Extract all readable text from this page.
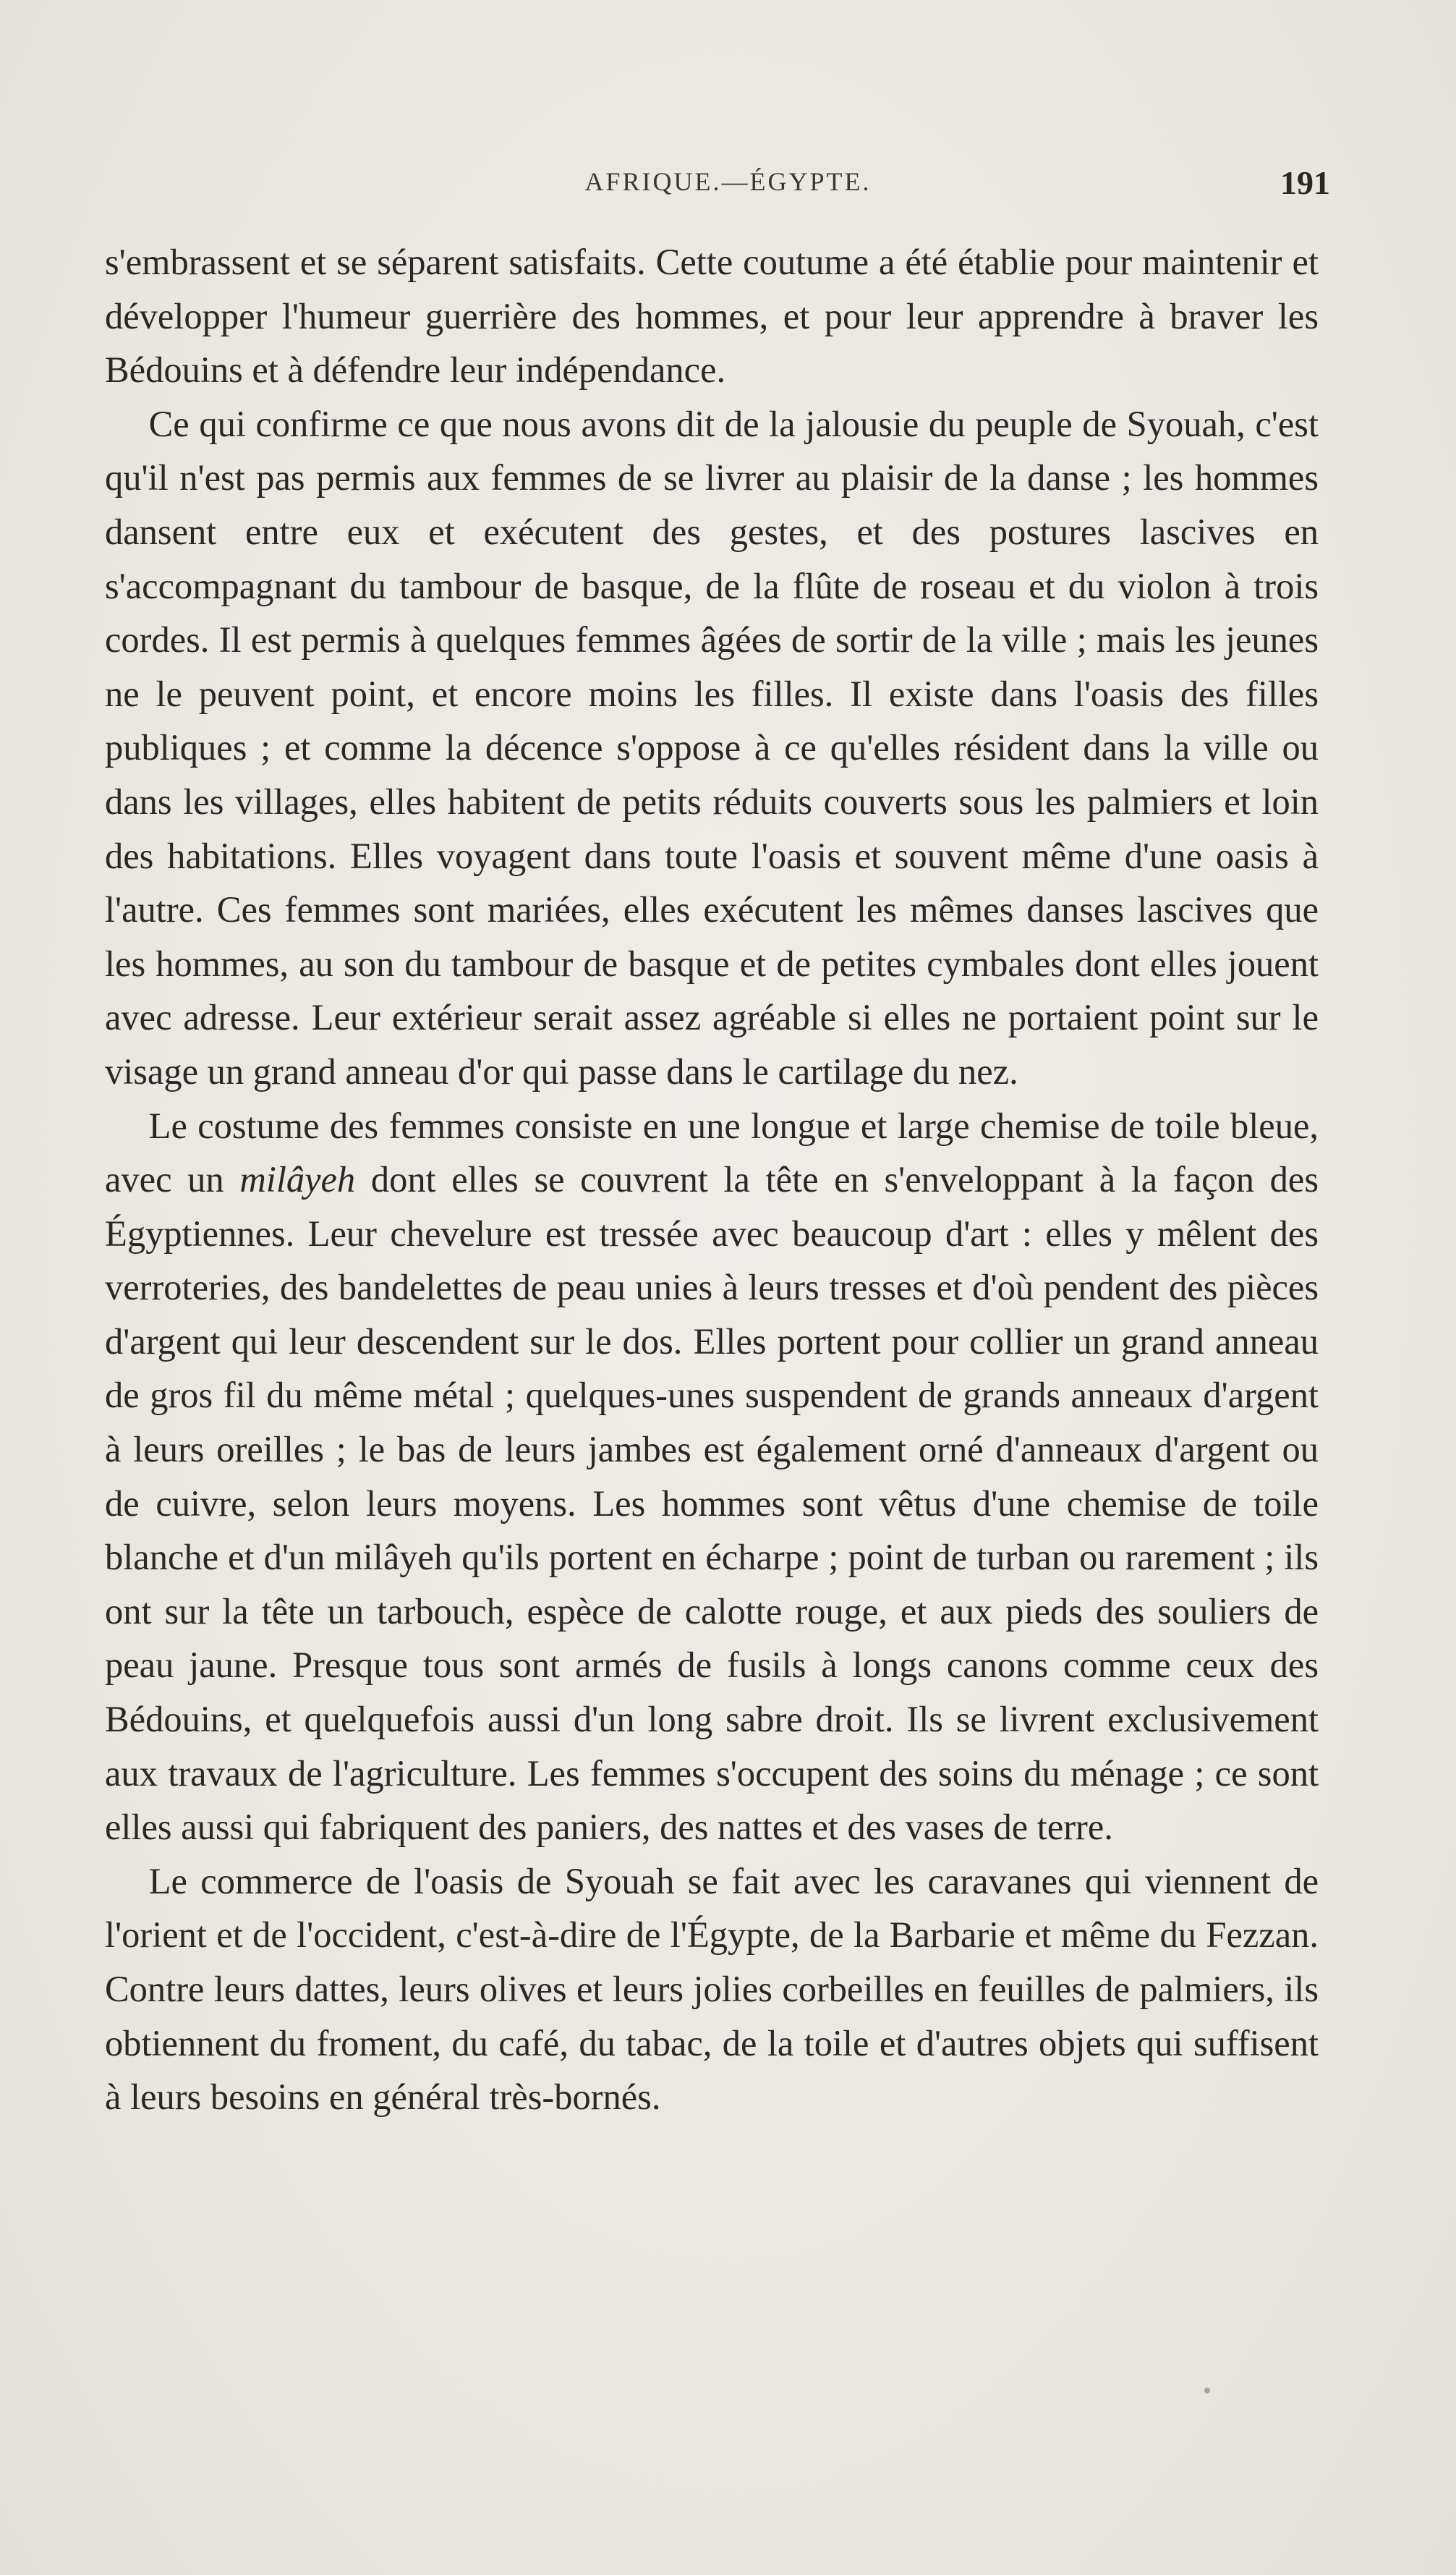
AFRIQUE.—ÉGYPTE.	191

s'embrassent et se séparent satisfaits. Cette coutume a été établie pour maintenir et développer l'humeur guerrière des hommes, et pour leur apprendre à braver les Bédouins et à défendre leur indépendance.

Ce qui confirme ce que nous avons dit de la jalousie du peuple de Syouah, c'est qu'il n'est pas permis aux femmes de se livrer au plaisir de la danse ; les hommes dansent entre eux et exécutent des gestes, et des postures lascives en s'accompagnant du tambour de basque, de la flûte de roseau et du violon à trois cordes. Il est permis à quelques femmes âgées de sortir de la ville ; mais les jeunes ne le peuvent point, et encore moins les filles. Il existe dans l'oasis des filles publiques ; et comme la décence s'oppose à ce qu'elles résident dans la ville ou dans les villages, elles habitent de petits réduits couverts sous les palmiers et loin des habitations. Elles voyagent dans toute l'oasis et souvent même d'une oasis à l'autre. Ces femmes sont mariées, elles exécutent les mêmes danses lascives que les hommes, au son du tambour de basque et de petites cymbales dont elles jouent avec adresse. Leur extérieur serait assez agréable si elles ne portaient point sur le visage un grand anneau d'or qui passe dans le cartilage du nez.

Le costume des femmes consiste en une longue et large chemise de toile bleue, avec un milâyeh dont elles se couvrent la tête en s'enveloppant à la façon des Égyptiennes. Leur chevelure est tressée avec beaucoup d'art : elles y mêlent des verroteries, des bandelettes de peau unies à leurs tresses et d'où pendent des pièces d'argent qui leur descendent sur le dos. Elles portent pour collier un grand anneau de gros fil du même métal ; quelques-unes suspendent de grands anneaux d'argent à leurs oreilles ; le bas de leurs jambes est également orné d'anneaux d'argent ou de cuivre, selon leurs moyens. Les hommes sont vêtus d'une chemise de toile blanche et d'un milâyeh qu'ils portent en écharpe ; point de turban ou rarement ; ils ont sur la tête un tarbouch, espèce de calotte rouge, et aux pieds des souliers de peau jaune. Presque tous sont armés de fusils à longs canons comme ceux des Bédouins, et quelquefois aussi d'un long sabre droit. Ils se livrent exclusivement aux travaux de l'agriculture. Les femmes s'occupent des soins du ménage ; ce sont elles aussi qui fabriquent des paniers, des nattes et des vases de terre.

Le commerce de l'oasis de Syouah se fait avec les caravanes qui viennent de l'orient et de l'occident, c'est-à-dire de l'Égypte, de la Barbarie et même du Fezzan. Contre leurs dattes, leurs olives et leurs jolies corbeilles en feuilles de palmiers, ils obtiennent du froment, du café, du tabac, de la toile et d'autres objets qui suffisent à leurs besoins en général très-bornés.
